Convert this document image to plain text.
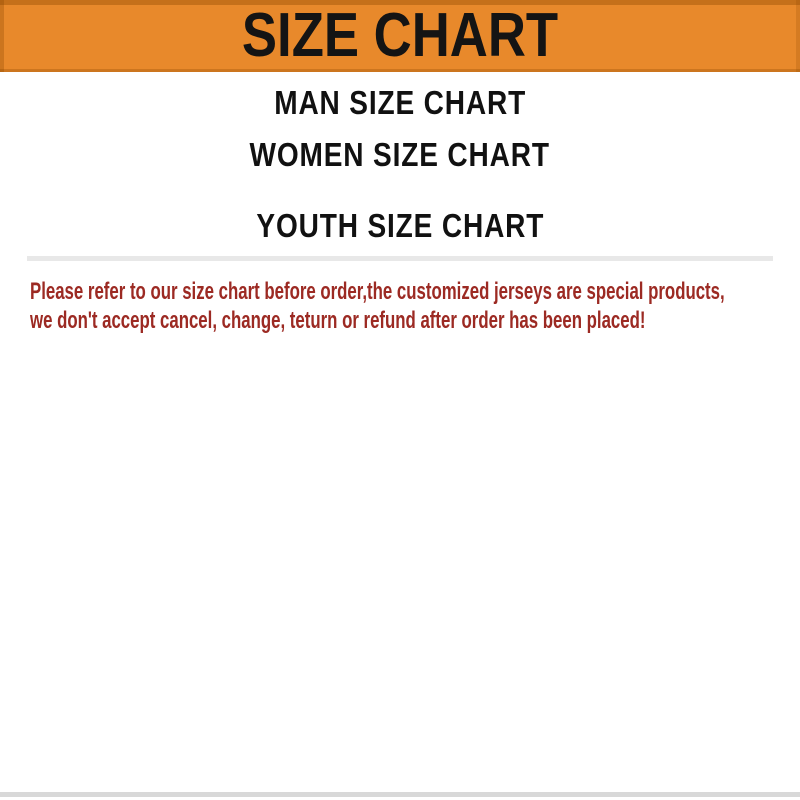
SIZE CHART
MAN SIZE CHART
WOMEN SIZE CHART
YOUTH SIZE CHART
Please refer to our size chart before order,the customized jerseys are special products,
we don't accept cancel, change, teturn or refund after order has been placed!
